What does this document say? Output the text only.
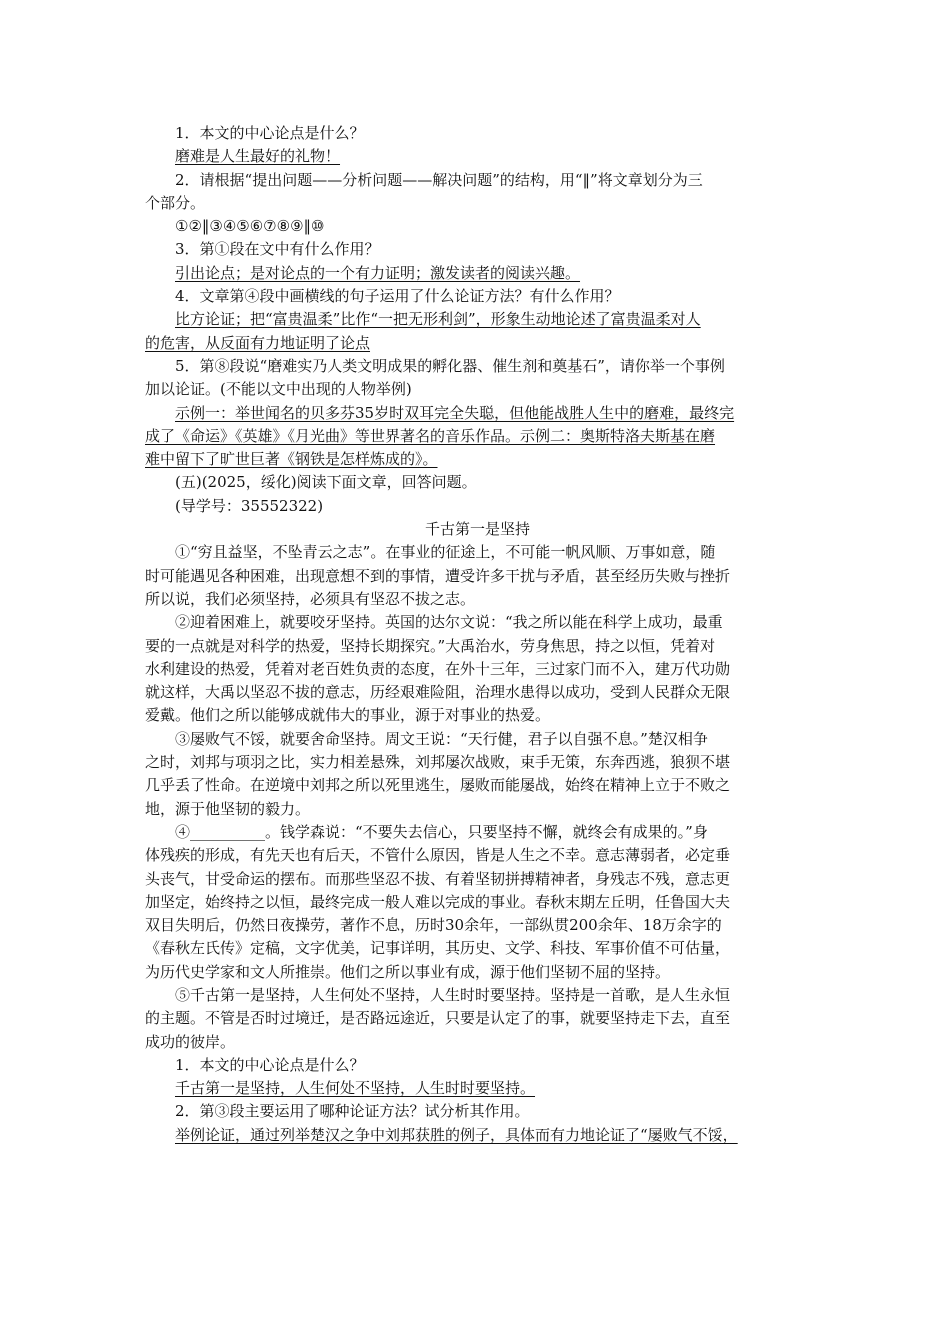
1．本文的中心论点是什么？

磨难是人生最好的礼物！

2．请根据“提出问题——分析问题——解决问题”的结构，用“‖”将文章划分为三

个部分。

①②‖③④⑤⑥⑦⑧⑨‖⑩

3．第①段在文中有什么作用？

引出论点；是对论点的一个有力证明；激发读者的阅读兴趣。

4．文章第④段中画横线的句子运用了什么论证方法？有什么作用？

比方论证；把“富贵温柔”比作“一把无形利剑”，形象生动地论述了富贵温柔对人

的危害，从反面有力地证明了论点

5．第⑧段说“磨难实乃人类文明成果的孵化器、催生剂和奠基石”，请你举一个事例

加以论证。(不能以文中出现的人物举例)

示例一：举世闻名的贝多芬35岁时双耳完全失聪，但他能战胜人生中的磨难，最终完

成了《命运》《英雄》《月光曲》等世界著名的音乐作品。示例二：奥斯特洛夫斯基在磨

难中留下了旷世巨著《钢铁是怎样炼成的》。

(五)(2025，绥化)阅读下面文章，回答问题。

(导学号：35552322)

千古第一是坚持

①“穷且益坚，不坠青云之志”。在事业的征途上，不可能一帆风顺、万事如意，随

时可能遇见各种困难，出现意想不到的事情，遭受许多干扰与矛盾，甚至经历失败与挫折

所以说，我们必须坚持，必须具有坚忍不拔之志。

②迎着困难上，就要咬牙坚持。英国的达尔文说：“我之所以能在科学上成功，最重

要的一点就是对科学的热爱，坚持长期探究。”大禹治水，劳身焦思，持之以恒，凭着对

水利建设的热爱，凭着对老百姓负责的态度，在外十三年，三过家门而不入，建万代功勋

就这样，大禹以坚忍不拔的意志，历经艰难险阻，治理水患得以成功，受到人民群众无限

爱戴。他们之所以能够成就伟大的事业，源于对事业的热爱。

③屡败气不馁，就要舍命坚持。周文王说：“天行健，君子以自强不息。”楚汉相争

之时，刘邦与项羽之比，实力相差悬殊，刘邦屡次战败，束手无策，东奔西逃，狼狈不堪

几乎丢了性命。在逆境中刘邦之所以死里逃生，屡败而能屡战，始终在精神上立于不败之

地，源于他坚韧的毅力。

④__________。钱学森说：“不要失去信心，只要坚持不懈，就终会有成果的。”身

体残疾的形成，有先天也有后天，不管什么原因，皆是人生之不幸。意志薄弱者，必定垂

头丧气，甘受命运的摆布。而那些坚忍不拔、有着坚韧拼搏精神者，身残志不残，意志更

加坚定，始终持之以恒，最终完成一般人难以完成的事业。春秋末期左丘明，任鲁国大夫

双目失明后，仍然日夜操劳，著作不息，历时30余年，一部纵贯200余年、18万余字的

《春秋左氏传》定稿，文字优美，记事详明，其历史、文学、科技、军事价值不可估量，

为历代史学家和文人所推崇。他们之所以事业有成，源于他们坚韧不屈的坚持。

⑤千古第一是坚持，人生何处不坚持，人生时时要坚持。坚持是一首歌，是人生永恒

的主题。不管是否时过境迁，是否路远途近，只要是认定了的事，就要坚持走下去，直至

成功的彼岸。

1．本文的中心论点是什么？

千古第一是坚持，人生何处不坚持，人生时时要坚持。

2．第③段主要运用了哪种论证方法？试分析其作用。

举例论证，通过列举楚汉之争中刘邦获胜的例子，具体而有力地论证了“屡败气不馁，
